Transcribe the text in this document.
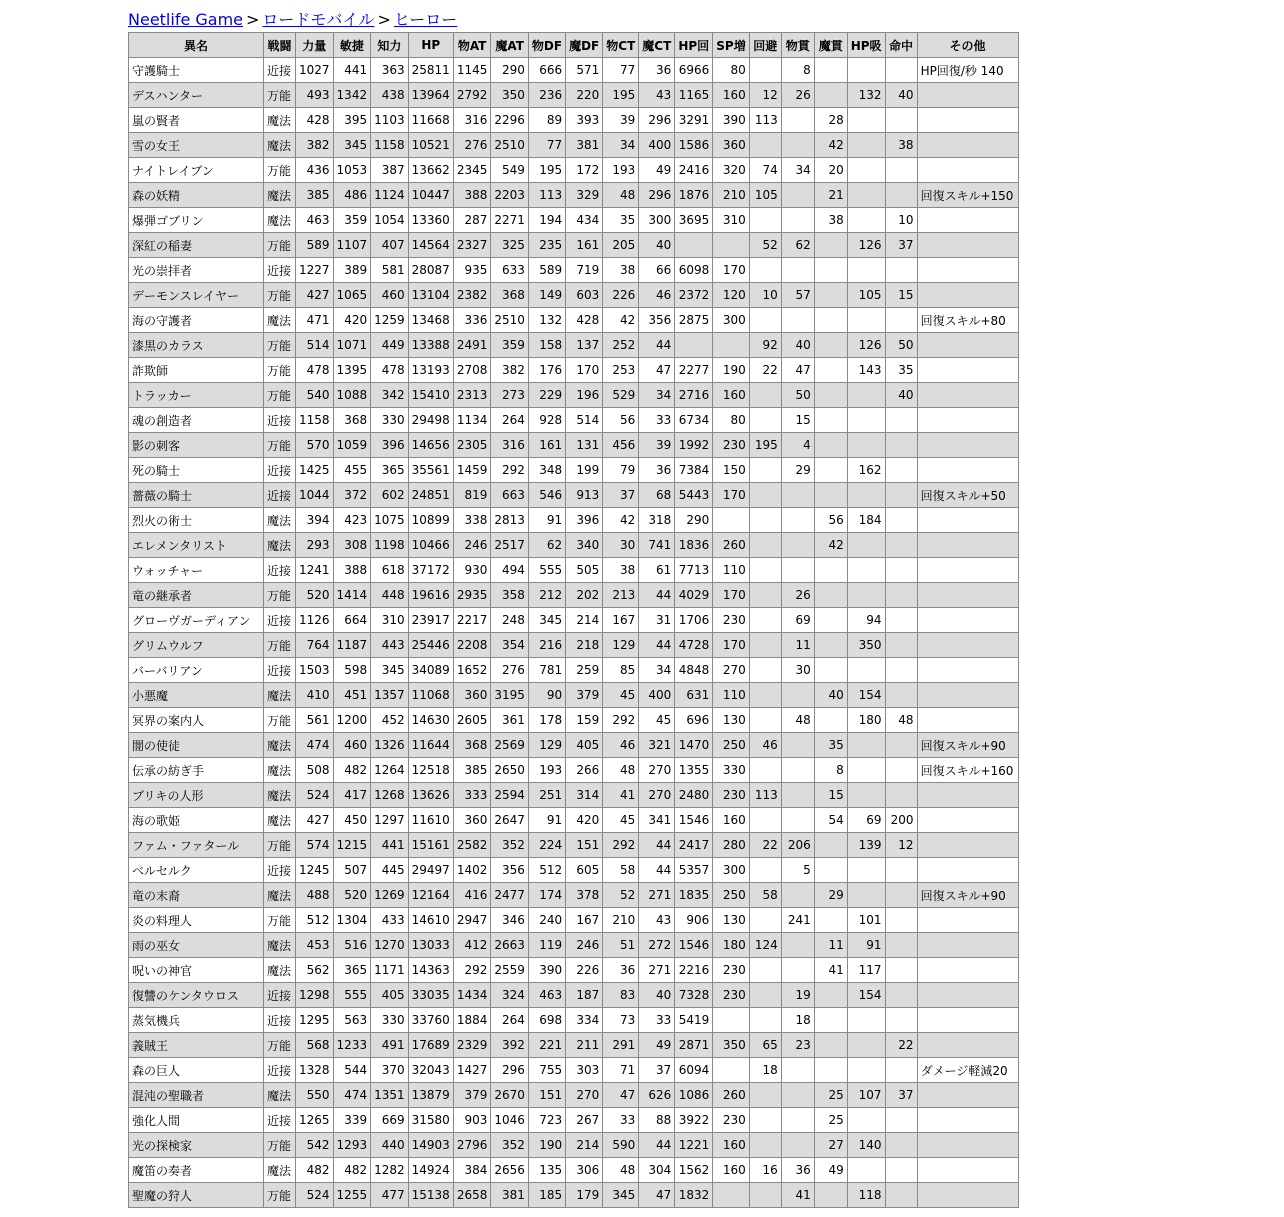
Neetlife Game > ロードモバイル > ヒーロー
異名	戦闘	力量	敏捷	知力	HP	物AT	魔AT	物DF	魔DF	物CT	魔CT	HP回	SP増	回避	物貫	魔貫	HP吸	命中	その他
守護騎士	近接	1027	441	363	25811	1145	290	666	571	77	36	6966	80		8				HP回復/秒 140
デスハンター	万能	493	1342	438	13964	2792	350	236	220	195	43	1165	160	12	26		132	40	
嵐の賢者	魔法	428	395	1103	11668	316	2296	89	393	39	296	3291	390	113		28			
雪の女王	魔法	382	345	1158	10521	276	2510	77	381	34	400	1586	360			42		38	
ナイトレイブン	万能	436	1053	387	13662	2345	549	195	172	193	49	2416	320	74	34	20			
森の妖精	魔法	385	486	1124	10447	388	2203	113	329	48	296	1876	210	105		21			回復スキル+150
爆弾ゴブリン	魔法	463	359	1054	13360	287	2271	194	434	35	300	3695	310			38		10	
深紅の稲妻	万能	589	1107	407	14564	2327	325	235	161	205	40			52	62		126	37	
光の崇拝者	近接	1227	389	581	28087	935	633	589	719	38	66	6098	170						
デーモンスレイヤー	万能	427	1065	460	13104	2382	368	149	603	226	46	2372	120	10	57		105	15	
海の守護者	魔法	471	420	1259	13468	336	2510	132	428	42	356	2875	300						回復スキル+80
漆黒のカラス	万能	514	1071	449	13388	2491	359	158	137	252	44			92	40		126	50	
詐欺師	万能	478	1395	478	13193	2708	382	176	170	253	47	2277	190	22	47		143	35	
トラッカー	万能	540	1088	342	15410	2313	273	229	196	529	34	2716	160		50			40	
魂の創造者	近接	1158	368	330	29498	1134	264	928	514	56	33	6734	80		15				
影の刺客	万能	570	1059	396	14656	2305	316	161	131	456	39	1992	230	195	4				
死の騎士	近接	1425	455	365	35561	1459	292	348	199	79	36	7384	150		29		162		
薔薇の騎士	近接	1044	372	602	24851	819	663	546	913	37	68	5443	170						回復スキル+50
烈火の術士	魔法	394	423	1075	10899	338	2813	91	396	42	318	290				56	184		
エレメンタリスト	魔法	293	308	1198	10466	246	2517	62	340	30	741	1836	260			42			
ウォッチャー	近接	1241	388	618	37172	930	494	555	505	38	61	7713	110						
竜の継承者	万能	520	1414	448	19616	2935	358	212	202	213	44	4029	170		26				
グローヴガーディアン	近接	1126	664	310	23917	2217	248	345	214	167	31	1706	230		69		94		
グリムウルフ	万能	764	1187	443	25446	2208	354	216	218	129	44	4728	170		11		350		
バーバリアン	近接	1503	598	345	34089	1652	276	781	259	85	34	4848	270		30				
小悪魔	魔法	410	451	1357	11068	360	3195	90	379	45	400	631	110			40	154		
冥界の案内人	万能	561	1200	452	14630	2605	361	178	159	292	45	696	130		48		180	48	
闇の使徒	魔法	474	460	1326	11644	368	2569	129	405	46	321	1470	250	46		35			回復スキル+90
伝承の紡ぎ手	魔法	508	482	1264	12518	385	2650	193	266	48	270	1355	330			8			回復スキル+160
ブリキの人形	魔法	524	417	1268	13626	333	2594	251	314	41	270	2480	230	113		15			
海の歌姫	魔法	427	450	1297	11610	360	2647	91	420	45	341	1546	160			54	69	200	
ファム・ファタール	万能	574	1215	441	15161	2582	352	224	151	292	44	2417	280	22	206		139	12	
ベルセルク	近接	1245	507	445	29497	1402	356	512	605	58	44	5357	300		5				
竜の末裔	魔法	488	520	1269	12164	416	2477	174	378	52	271	1835	250	58		29			回復スキル+90
炎の料理人	万能	512	1304	433	14610	2947	346	240	167	210	43	906	130		241		101		
雨の巫女	魔法	453	516	1270	13033	412	2663	119	246	51	272	1546	180	124		11	91		
呪いの神官	魔法	562	365	1171	14363	292	2559	390	226	36	271	2216	230			41	117		
復讐のケンタウロス	近接	1298	555	405	33035	1434	324	463	187	83	40	7328	230		19		154		
蒸気機兵	近接	1295	563	330	33760	1884	264	698	334	73	33	5419			18				
義賊王	万能	568	1233	491	17689	2329	392	221	211	291	49	2871	350	65	23			22	
森の巨人	近接	1328	544	370	32043	1427	296	755	303	71	37	6094		18					ダメージ軽減20
混沌の聖職者	魔法	550	474	1351	13879	379	2670	151	270	47	626	1086	260			25	107	37	
強化人間	近接	1265	339	669	31580	903	1046	723	267	33	88	3922	230			25			
光の探検家	万能	542	1293	440	14903	2796	352	190	214	590	44	1221	160			27	140		
魔笛の奏者	魔法	482	482	1282	14924	384	2656	135	306	48	304	1562	160	16	36	49			
聖魔の狩人	万能	524	1255	477	15138	2658	381	185	179	345	47	1832			41		118		
